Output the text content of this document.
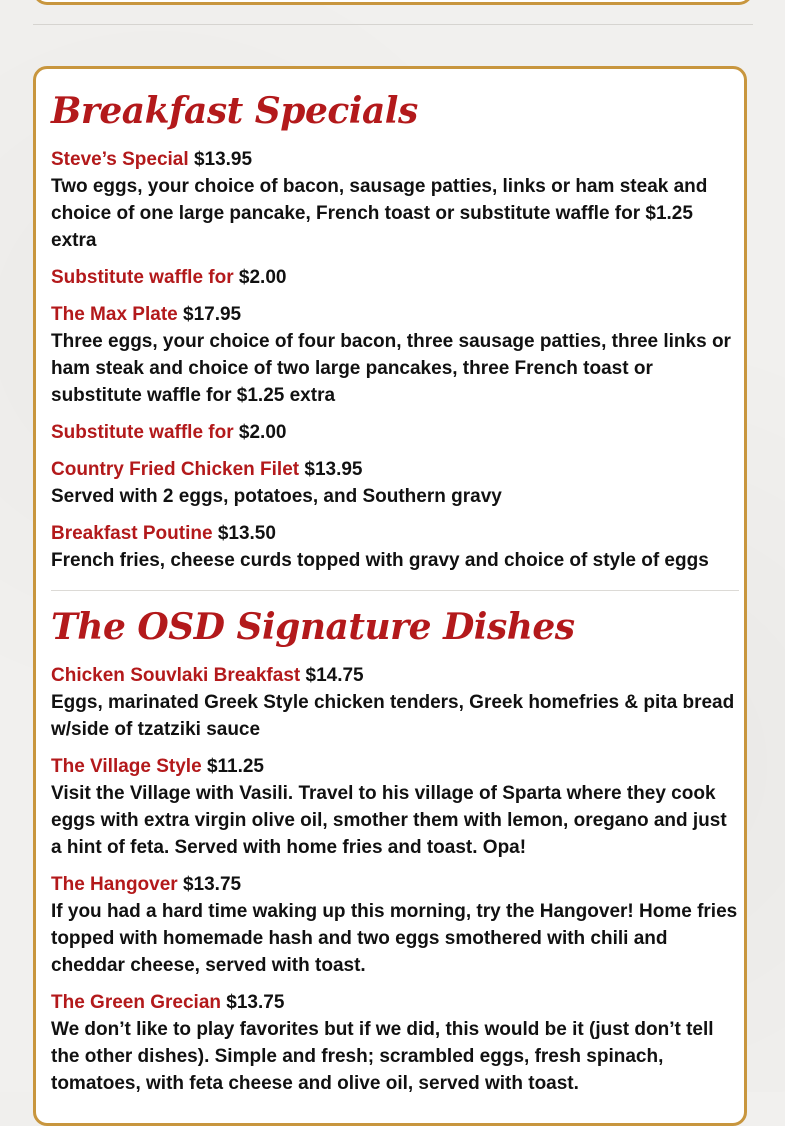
Breakfast Specials
Steve’s Special $13.95
Two eggs, your choice of bacon, sausage patties, links or ham steak and choice of one large pancake, French toast or substitute waffle for $1.25 extra
Substitute waffle for $2.00
The Max Plate $17.95
Three eggs, your choice of four bacon, three sausage patties, three links or ham steak and choice of two large pancakes, three French toast or substitute waffle for $1.25 extra
Substitute waffle for $2.00
Country Fried Chicken Filet $13.95
Served with 2 eggs, potatoes, and Southern gravy
Breakfast Poutine $13.50
French fries, cheese curds topped with gravy and choice of style of eggs
The OSD Signature Dishes
Chicken Souvlaki Breakfast $14.75
Eggs, marinated Greek Style chicken tenders, Greek homefries & pita bread w/side of tzatziki sauce
The Village Style $11.25
Visit the Village with Vasili. Travel to his village of Sparta where they cook eggs with extra virgin olive oil, smother them with lemon, oregano and just a hint of feta. Served with home fries and toast. Opa!
The Hangover $13.75
If you had a hard time waking up this morning, try the Hangover! Home fries topped with homemade hash and two eggs smothered with chili and cheddar cheese, served with toast.
The Green Grecian $13.75
We don’t like to play favorites but if we did, this would be it (just don’t tell the other dishes). Simple and fresh; scrambled eggs, fresh spinach, tomatoes, with feta cheese and olive oil, served with toast.
